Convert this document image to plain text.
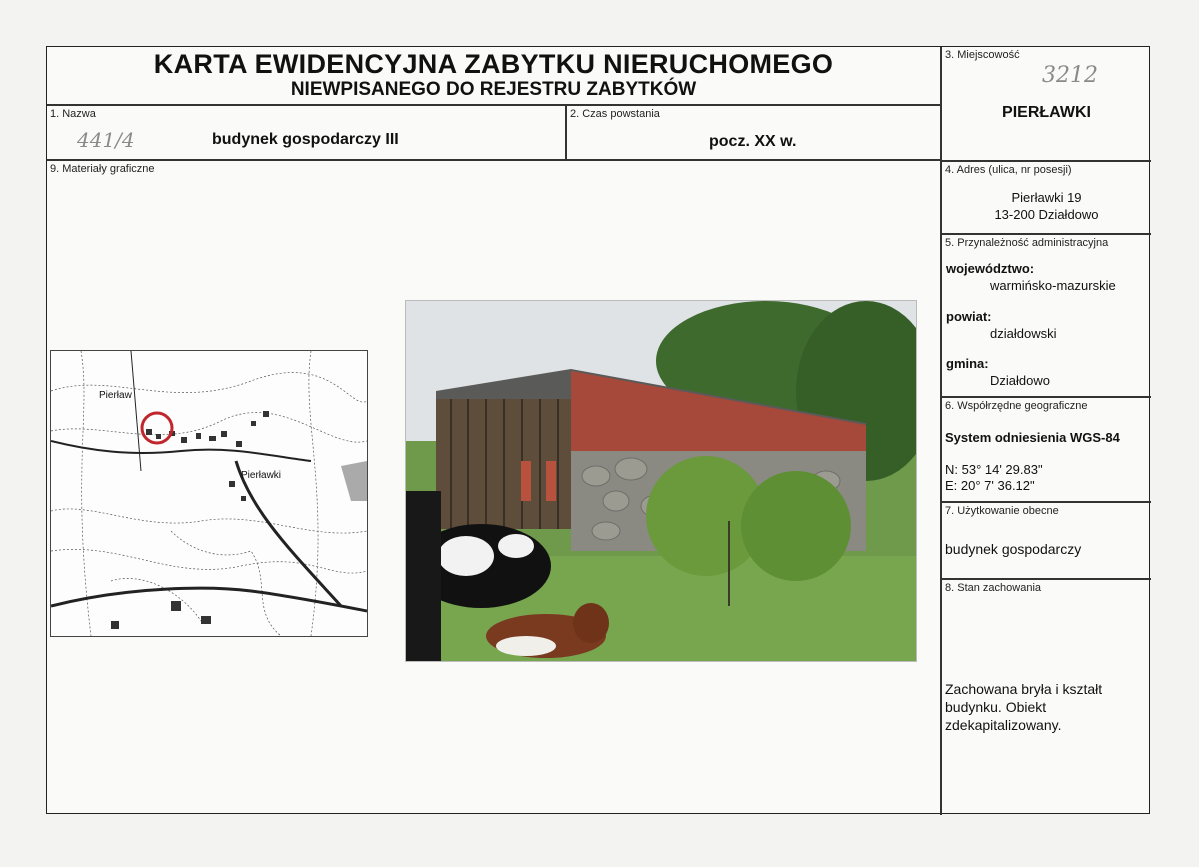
KARTA EWIDENCYJNA ZABYTKU NIERUCHOMEGO
NIEWPISANEGO DO REJESTRU ZABYTKÓW
1. Nazwa
441/4	budynek gospodarczy III
2. Czas powstania
pocz. XX w.
3. Miejscowość
3212
PIERŁAWKI
9. Materiały graficzne	4. Adres (ulica, nr posesji)
Pierławki 19
13-200 Działdowo
5. Przynależność administracyjna
województwo:
warmińsko-mazurskie
powiat:
działdowski
gmina:
Działdowo
6. Współrzędne geograficzne
System odniesienia WGS-84
N: 53° 14' 29.83"
E: 20° 7' 36.12"
7. Użytkowanie obecne
budynek gospodarczy
8. Stan zachowania
Zachowana bryła i kształt budynku. Obiekt zdekapitalizowany.
Pierław
Pierławki
